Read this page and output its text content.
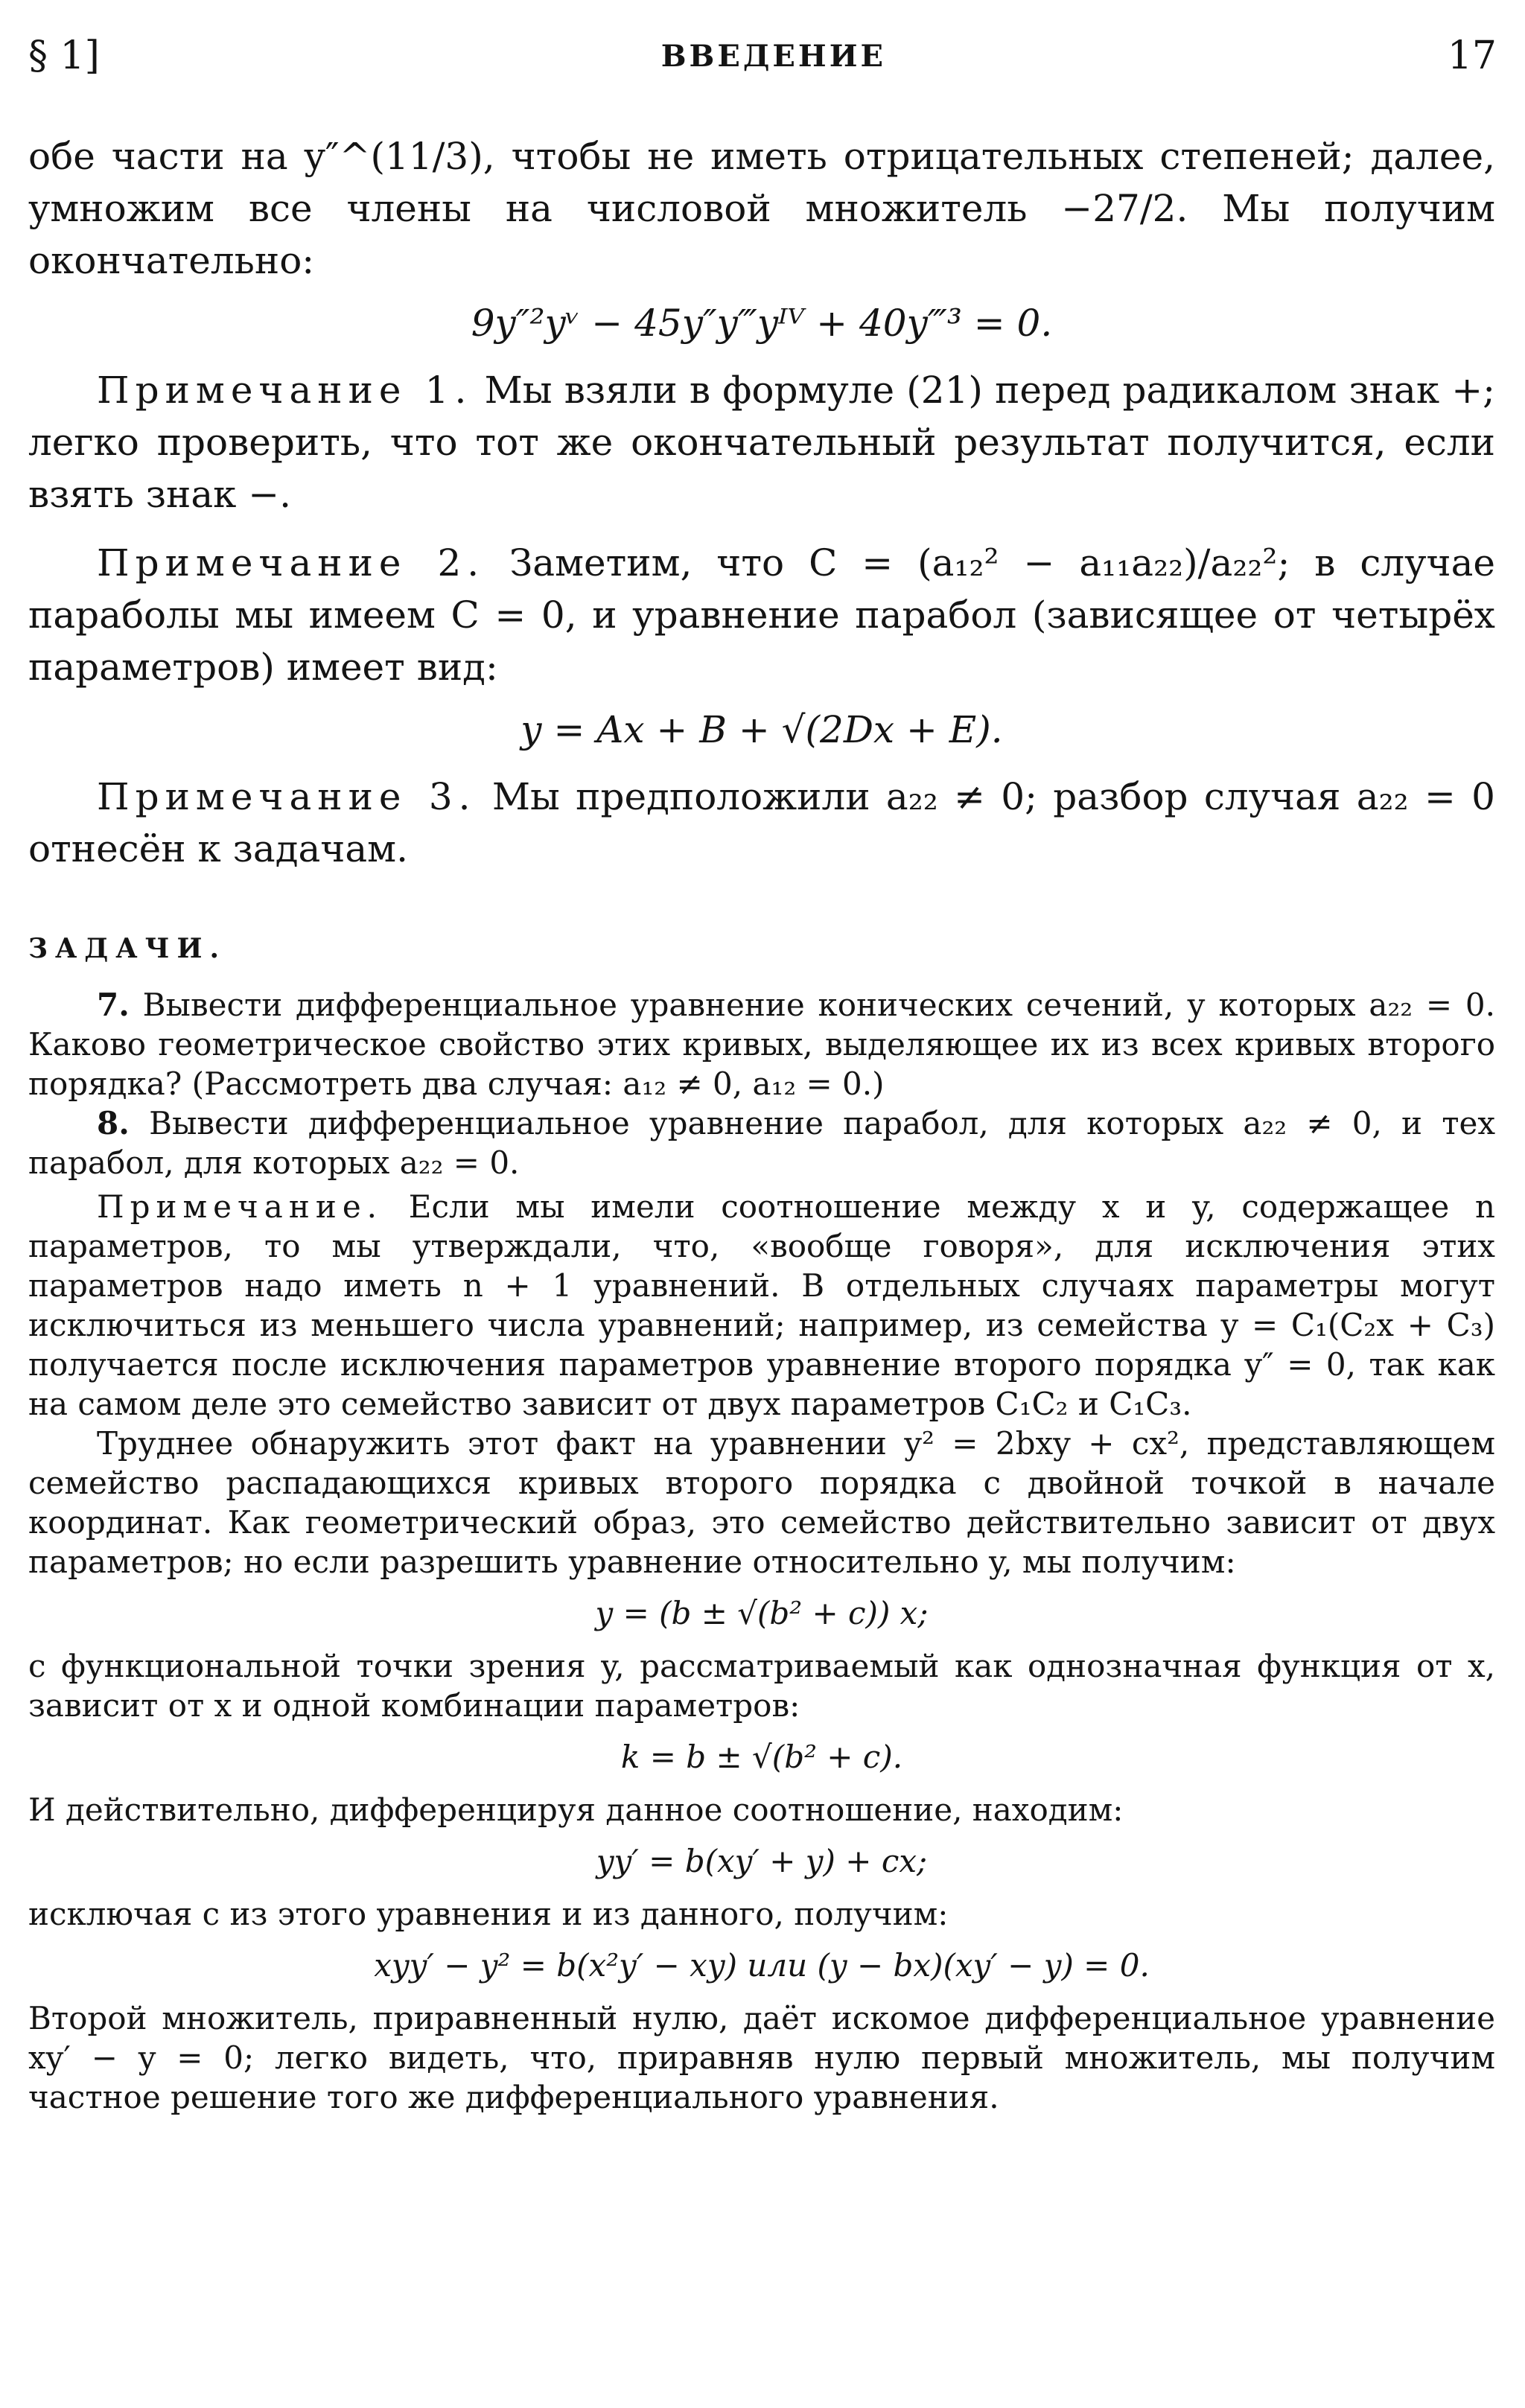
§ 1]	ВВЕДЕНИЕ	17

обе части на y″^(11/3), чтобы не иметь отрицательных степеней; далее, умножим все члены на числовой множитель −27/2. Мы получим окончательно:

9y″²yᵛ − 45y″y‴yᴵⱽ + 40y‴³ = 0.

Примечание 1. Мы взяли в формуле (21) перед радикалом знак +; легко проверить, что тот же окончательный результат получится, если взять знак −.

Примечание 2. Заметим, что C = (a₁₂² − a₁₁a₂₂)/a₂₂²; в случае параболы мы имеем C = 0, и уравнение парабол (зависящее от четырёх параметров) имеет вид:

y = Ax + B + √(2Dx + E).

Примечание 3. Мы предположили a₂₂ ≠ 0; разбор случая a₂₂ = 0 отнесён к задачам.

ЗАДАЧИ.

7. Вывести дифференциальное уравнение конических сечений, у которых a₂₂ = 0. Каково геометрическое свойство этих кривых, выделяющее их из всех кривых второго порядка? (Рассмотреть два случая: a₁₂ ≠ 0, a₁₂ = 0.)

8. Вывести дифференциальное уравнение парабол, для которых a₂₂ ≠ 0, и тех парабол, для которых a₂₂ = 0.

Примечание. Если мы имели соотношение между x и y, содержащее n параметров, то мы утверждали, что, «вообще говоря», для исключения этих параметров надо иметь n + 1 уравнений. В отдельных случаях параметры могут исключиться из меньшего числа уравнений; например, из семейства y = C₁(C₂x + C₃) получается после исключения параметров уравнение второго порядка y″ = 0, так как на самом деле это семейство зависит от двух параметров C₁C₂ и C₁C₃.

Труднее обнаружить этот факт на уравнении y² = 2bxy + cx², представляющем семейство распадающихся кривых второго порядка с двойной точкой в начале координат. Как геометрический образ, это семейство действительно зависит от двух параметров; но если разрешить уравнение относительно y, мы получим:

y = (b ± √(b² + c)) x;

с функциональной точки зрения y, рассматриваемый как однозначная функция от x, зависит от x и одной комбинации параметров:

k = b ± √(b² + c).

И действительно, дифференцируя данное соотношение, находим:

yy′ = b(xy′ + y) + cx;

исключая c из этого уравнения и из данного, получим:

xyy′ − y² = b(x²y′ − xy) или (y − bx)(xy′ − y) = 0.

Второй множитель, приравненный нулю, даёт искомое дифференциальное уравнение xy′ − y = 0; легко видеть, что, приравняв нулю первый множитель, мы получим частное решение того же дифференциального уравнения.
